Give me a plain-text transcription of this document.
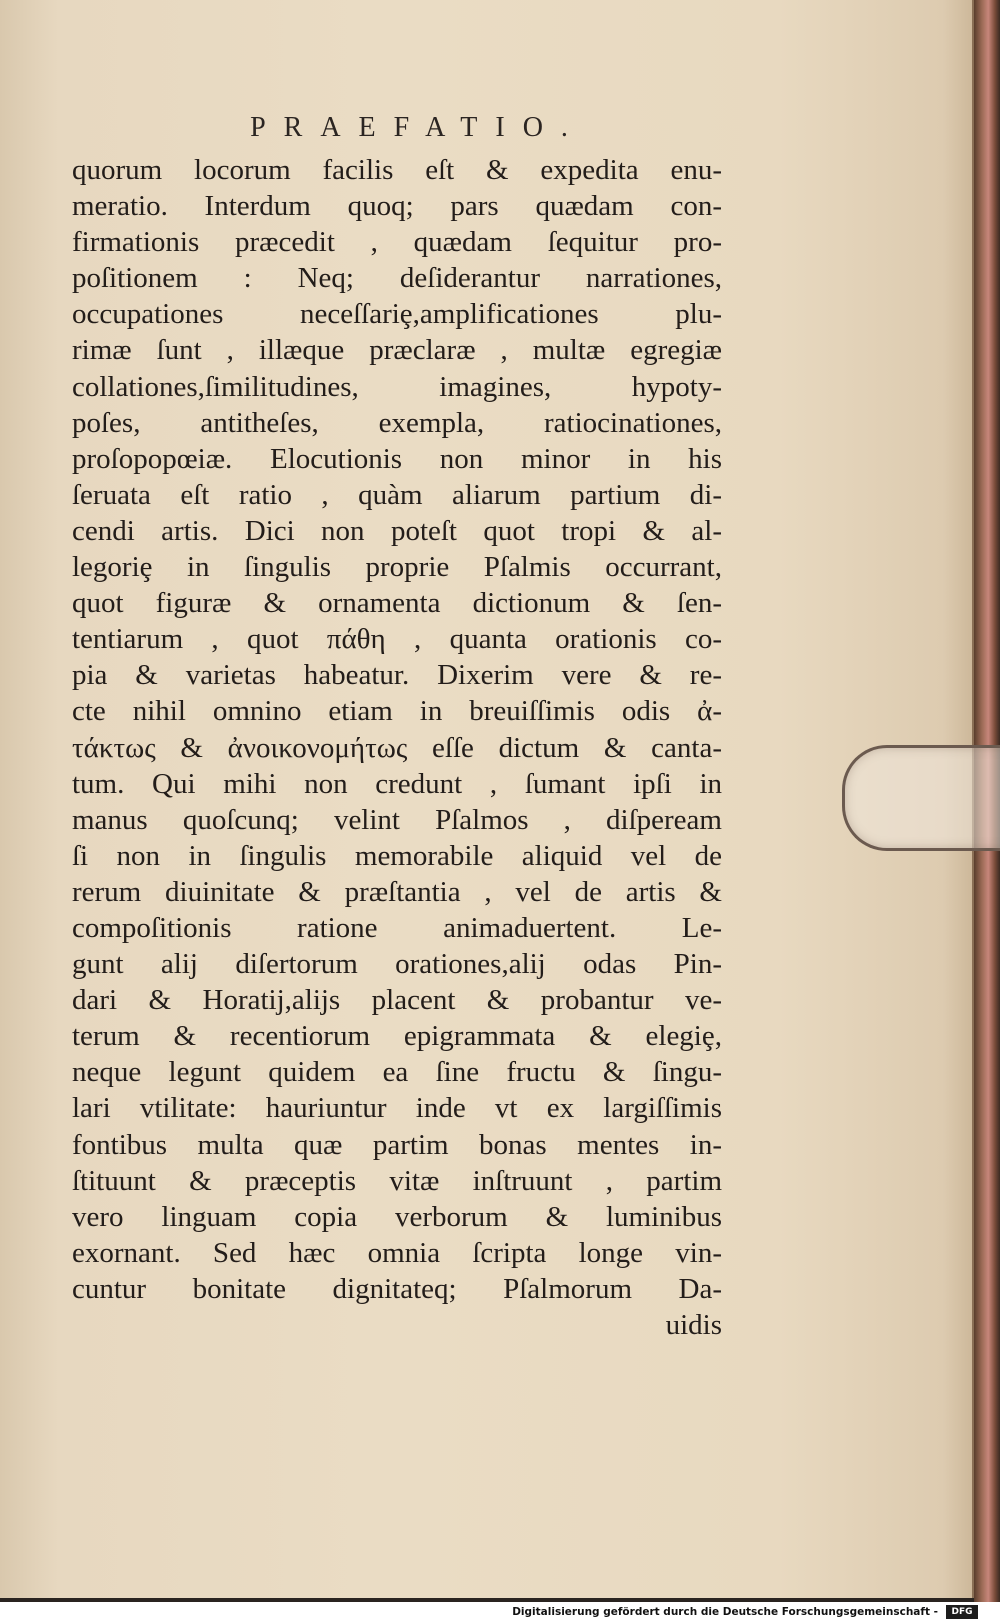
PRAEFATIO.
quorum locorum facilis eſt & expedita enu-
meratio. Interdum quoq; pars quædam con-
firmationis præcedit , quædam ſequitur pro-
poſitionem : Neq; deſiderantur narrationes,
occupationes neceſſariȩ,amplificationes plu-
rimæ ſunt , illæque præclaræ , multæ egregiæ
collationes,ſimilitudines, imagines, hypoty-
poſes, antitheſes, exempla, ratiocinationes,
proſopopœiæ. Elocutionis non minor in his
ſeruata eſt ratio , quàm aliarum partium di-
cendi artis. Dici non poteſt quot tropi & al-
legoriȩ in ſingulis proprie Pſalmis occurrant,
quot figuræ & ornamenta dictionum & ſen-
tentiarum , quot πάθη , quanta orationis co-
pia & varietas habeatur. Dixerim vere & re-
cte nihil omnino etiam in breuiſſimis odis ἀ-
τάκτως & ἀνοικονομήτως eſſe dictum & canta-
tum. Qui mihi non credunt , ſumant ipſi in
manus quoſcunq; velint Pſalmos , diſpeream
ſi non in ſingulis memorabile aliquid vel de
rerum diuinitate & præſtantia , vel de artis &
compoſitionis ratione animaduertent. Le-
gunt alij diſertorum orationes,alij odas Pin-
dari & Horatij,alijs placent & probantur ve-
terum & recentiorum epigrammata & elegiȩ,
neque legunt quidem ea ſine fructu & ſingu-
lari vtilitate: hauriuntur inde vt ex largiſſimis
fontibus multa quæ partim bonas mentes in-
ſtituunt & præceptis vitæ inſtruunt , partim
vero linguam copia verborum & luminibus
exornant. Sed hæc omnia ſcripta longe vin-
cuntur bonitate dignitateq; Pſalmorum Da-
uidis
Digitalisierung gefördert durch die Deutsche Forschungsgemeinschaft -	DFG
